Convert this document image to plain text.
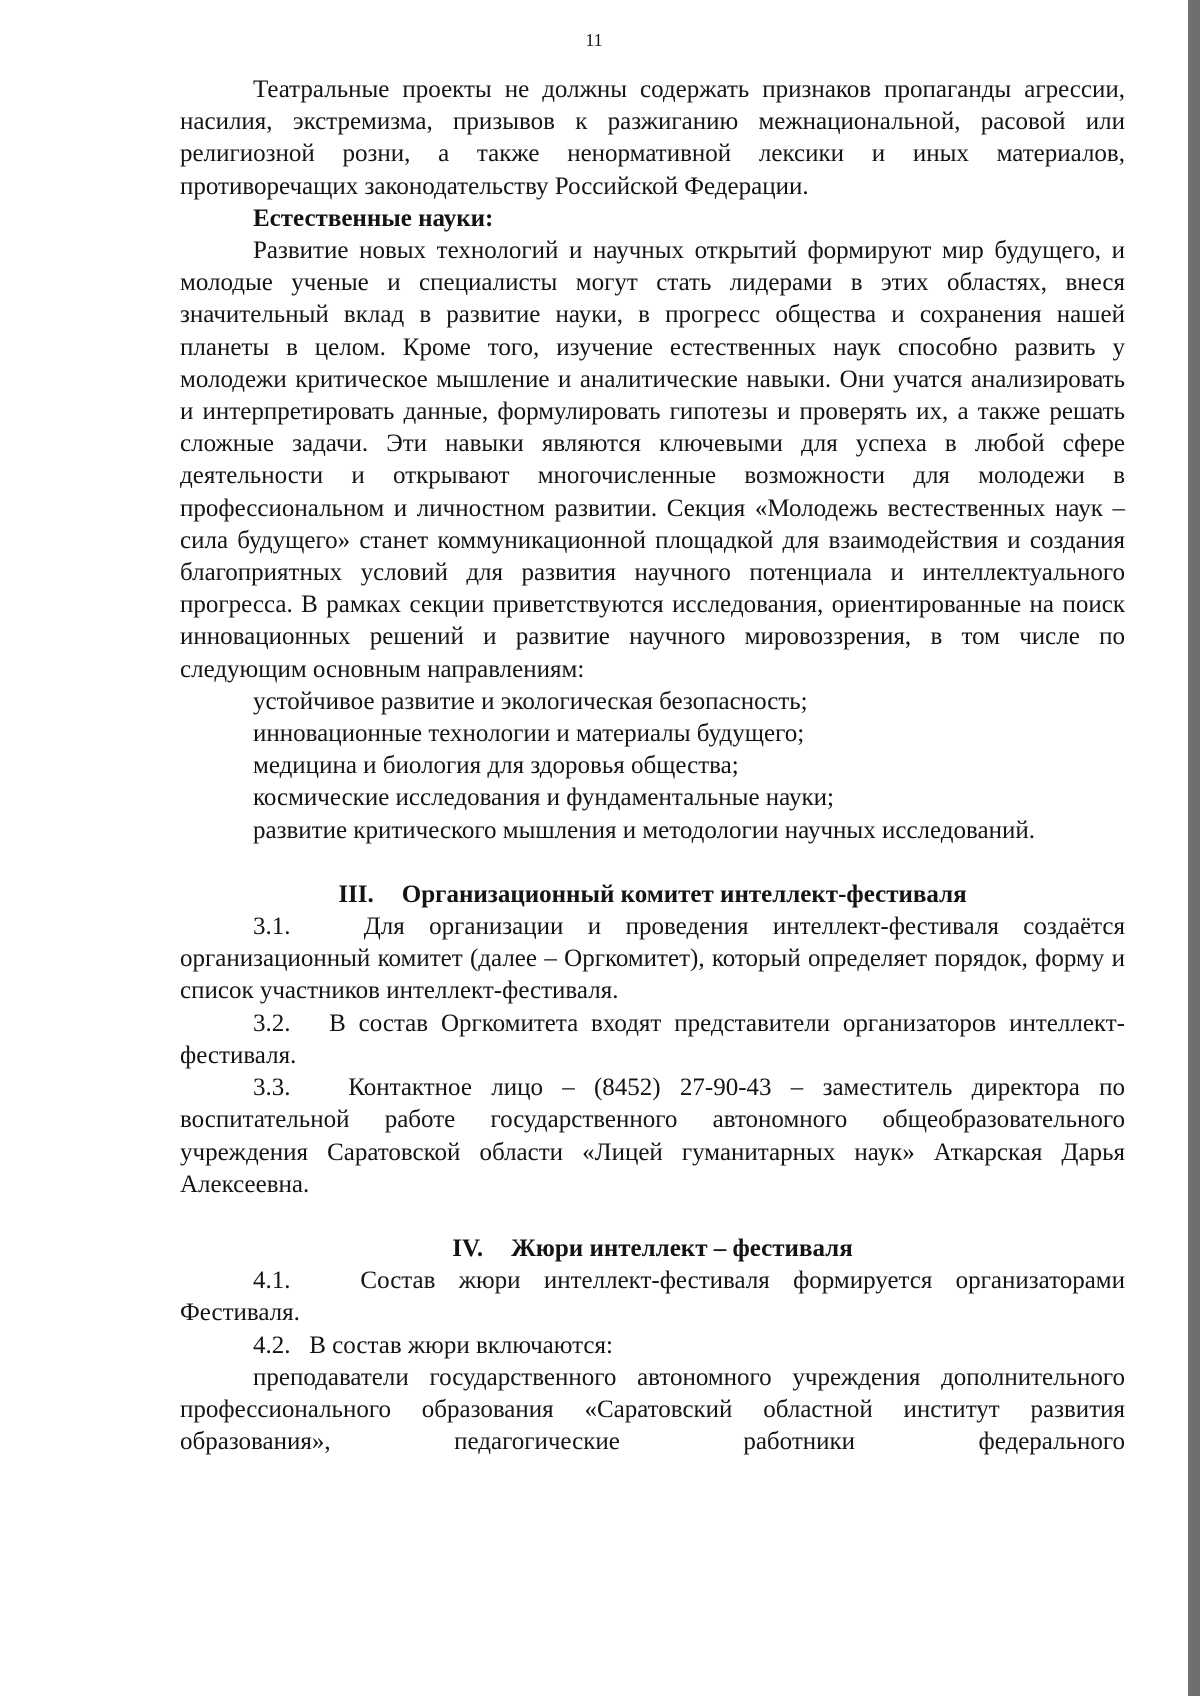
11

Театральные проекты не должны содержать признаков пропаганды агрессии, насилия, экстремизма, призывов к разжиганию межнациональной, расовой или религиозной розни, а также ненормативной лексики и иных материалов, противоречащих законодательству Российской Федерации.

Естественные науки:

Развитие новых технологий и научных открытий формируют мир будущего, и молодые ученые и специалисты могут стать лидерами в этих областях, внеся значительный вклад в развитие науки, в прогресс общества и сохранения нашей планеты в целом. Кроме того, изучение естественных наук способно развить у молодежи критическое мышление и аналитические навыки. Они учатся анализировать и интерпретировать данные, формулировать гипотезы и проверять их, а также решать сложные задачи. Эти навыки являются ключевыми для успеха в любой сфере деятельности и открывают многочисленные возможности для молодежи в профессиональном и личностном развитии. Секция «Молодежь вестественных наук – сила будущего» станет коммуникационной площадкой для взаимодействия и создания благоприятных условий для развития научного потенциала и интеллектуального прогресса. В рамках секции приветствуются исследования, ориентированные на поиск инновационных решений и развитие научного мировоззрения, в том числе по следующим основным направлениям:

устойчивое развитие и экологическая безопасность;

инновационные технологии и материалы будущего;

медицина и биология для здоровья общества;

космические исследования и фундаментальные науки;

развитие критического мышления и методологии научных исследований.

III. Организационный комитет интеллект-фестиваля

3.1.	Для организации и проведения интеллект-фестиваля создаётся организационный комитет (далее – Оргкомитет), который определяет порядок, форму и список участников интеллект-фестиваля.

3.2. В состав Оргкомитета входят представители организаторов интеллект-фестиваля.

3.3. Контактное лицо – (8452) 27-90-43 – заместитель директора по воспитательной работе государственного автономного общеобразовательного учреждения Саратовской области «Лицей гуманитарных наук» Аткарская Дарья Алексеевна.

IV. Жюри интеллект – фестиваля

4.1.	Состав жюри интеллект-фестиваля формируется организаторами Фестиваля.

4.2. В состав жюри включаются:

преподаватели государственного автономного учреждения дополнительного профессионального образования «Саратовский областной институт развития образования», педагогические работники федерального
